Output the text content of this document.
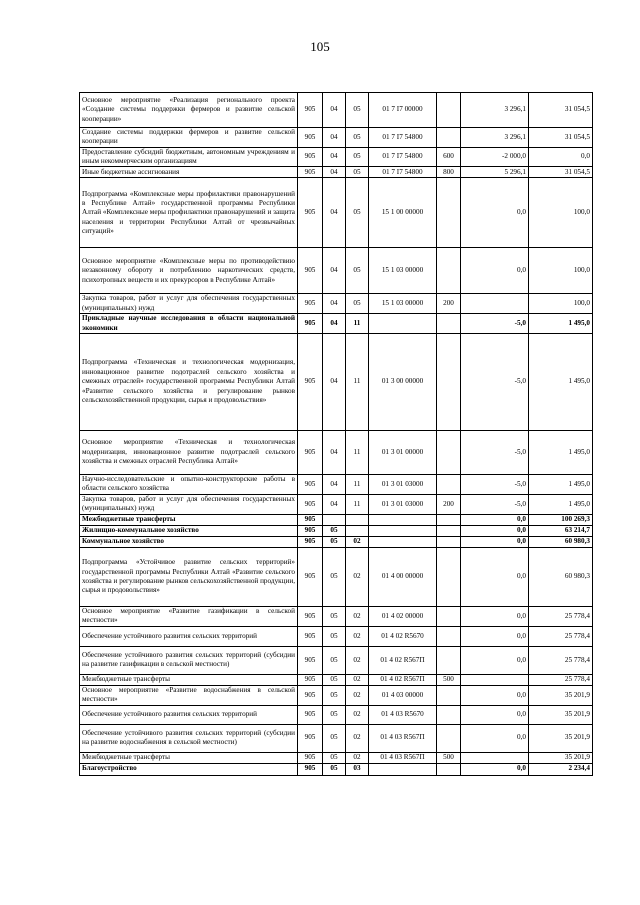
105
Основное мероприятие «Реализация регионального проекта «Создание системы поддержки фермеров и развитие сельской кооперации»	905	04	05	01 7 I7 00000		3 296,1	31 054,5
Создание системы поддержки фермеров и развитие сельской кооперации	905	04	05	01 7 I7 54800		3 296,1	31 054,5
Предоставление субсидий бюджетным, автономным учреждениям и иным некоммерческим организациям	905	04	05	01 7 I7 54800	600	-2 000,0	0,0
Иные бюджетные ассигнования	905	04	05	01 7 I7 54800	800	5 296,1	31 054,5
Подпрограмма «Комплексные меры профилактики правонарушений в Республике Алтай» государственной программы Республики Алтай «Комплексные меры профилактики правонарушений и защита населения и территории Республики Алтай от чрезвычайных ситуаций»	905	04	05	15 1 00 00000		0,0	100,0
Основное мероприятие «Комплексные меры по противодействию незаконному обороту и потреблению наркотических средств, психотропных веществ и их прекурсоров в Республике Алтай»	905	04	05	15 1 03 00000		0,0	100,0
Закупка товаров, работ и услуг для обеспечения государственных (муниципальных) нужд	905	04	05	15 1 03 00000	200		100,0
Прикладные научные исследования в области национальной экономики	905	04	11			-5,0	1 495,0
Подпрограмма «Техническая и технологическая модернизация, инновационное развитие подотраслей сельского хозяйства и смежных отраслей» государственной программы Республики Алтай «Развитие сельского хозяйства и регулирование рынков сельскохозяйственной продукции, сырья и продовольствия»	905	04	11	01 3 00 00000		-5,0	1 495,0
Основное мероприятие «Техническая и технологическая модернизация, инновационное развитие подотраслей сельского хозяйства и смежных отраслей Республика Алтай»	905	04	11	01 3 01 00000		-5,0	1 495,0
Научно-исследовательские и опытно-конструкторские работы в области сельского хозяйства	905	04	11	01 3 01 03000		-5,0	1 495,0
Закупка товаров, работ и услуг для обеспечения государственных (муниципальных) нужд	905	04	11	01 3 01 03000	200	-5,0	1 495,0
Межбюджетные трансферты	905					0,0	100 269,3
Жилищно-коммунальное хозяйство	905	05				0,0	63 214,7
Коммунальное хозяйство	905	05	02			0,0	60 980,3
Подпрограмма «Устойчивое развитие сельских территорий» государственной программы Республики Алтай «Развитие сельского хозяйства и регулирование рынков сельскохозяйственной продукции, сырья и продовольствия»	905	05	02	01 4 00 00000		0,0	60 980,3
Основное мероприятие «Развитие газификации в сельской местности»	905	05	02	01 4 02 00000		0,0	25 778,4
Обеспечение устойчивого развития сельских территорий	905	05	02	01 4 02 R5670		0,0	25 778,4
Обеспечение устойчивого развития сельских территорий (субсидии на развитие газификации в сельской местности)	905	05	02	01 4 02 R567П		0,0	25 778,4
Межбюджетные трансферты	905	05	02	01 4 02 R567П	500		25 778,4
Основное мероприятие «Развитие водоснабжения в сельской местности»	905	05	02	01 4 03 00000		0,0	35 201,9
Обеспечение устойчивого развития сельских территорий	905	05	02	01 4 03 R5670		0,0	35 201,9
Обеспечение устойчивого развития сельских территорий (субсидии на развитие водоснабжения в сельской местности)	905	05	02	01 4 03 R567П		0,0	35 201,9
Межбюджетные трансферты	905	05	02	01 4 03 R567П	500		35 201,9
Благоустройство	905	05	03			0,0	2 234,4
